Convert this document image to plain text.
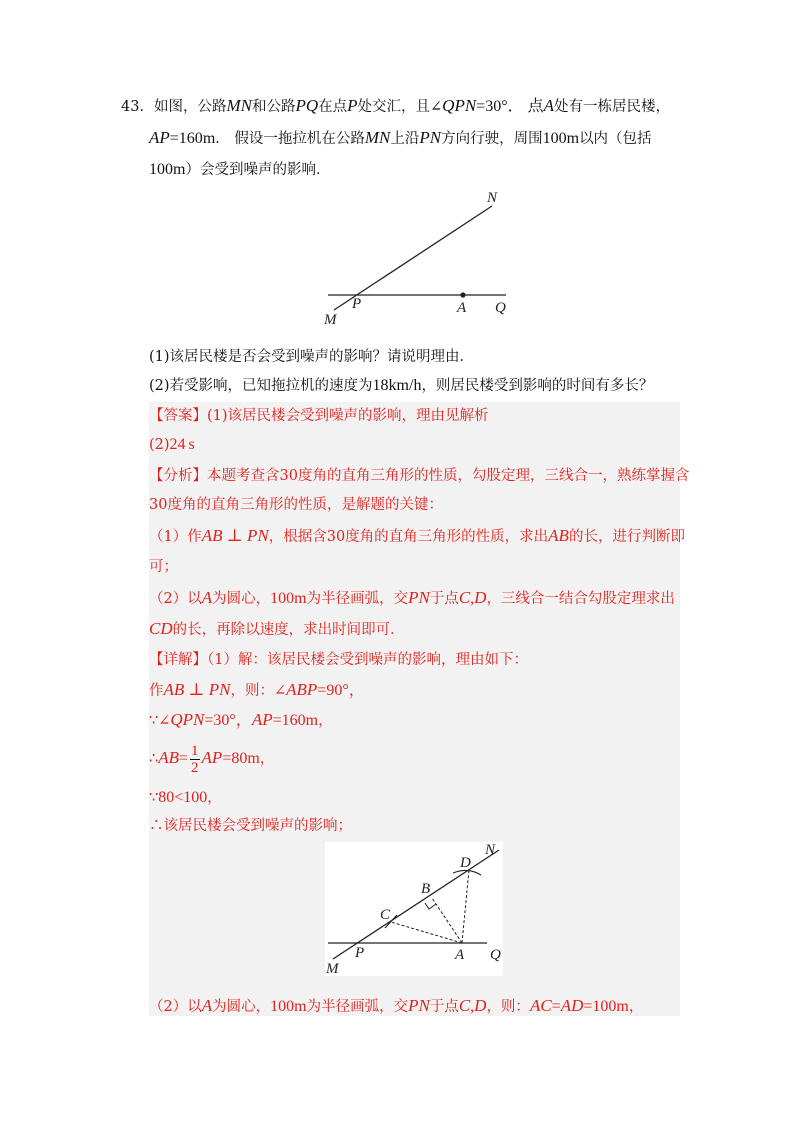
43．如图，公路MN和公路PQ在点P处交汇，且∠QPN=30°． 点A处有一栋居民楼，
AP=160m． 假设一拖拉机在公路MN上沿PN方向行驶，周围100m以内（包括
100m）会受到噪声的影响．
N
P	A Q
M
(1)该居民楼是否会受到噪声的影响？请说明理由．
(2)若受影响，已知拖拉机的速度为18km/h，则居民楼受到影响的时间有多长？
【答案】(1)该居民楼会受到噪声的影响，理由见解析
(2)24 s
【分析】本题考查含30度角的直角三角形的性质，勾股定理，三线合一，熟练掌握含
30度角的直角三角形的性质，是解题的关键：
（1）作AB ⊥ PN，根据含30度角的直角三角形的性质，求出AB的长，进行判断即
可；
（2）以A为圆心，100m为半径画弧，交PN于点C,D，三线合一结合勾股定理求出
CD的长，再除以速度，求出时间即可．
【详解】（1）解：该居民楼会受到噪声的影响，理由如下：
作AB ⊥ PN，则：∠ABP=90°，
∵∠QPN=30°，AP=160m，
∴AB= $\frac{1}{2} AP=80m$，
∵80<100，
∴该居民楼会受到噪声的影响；
N
D
B
C
P	A Q
M
（2）以A为圆心，100m为半径画弧，交PN于点C,D，则：AC=AD=100m，
